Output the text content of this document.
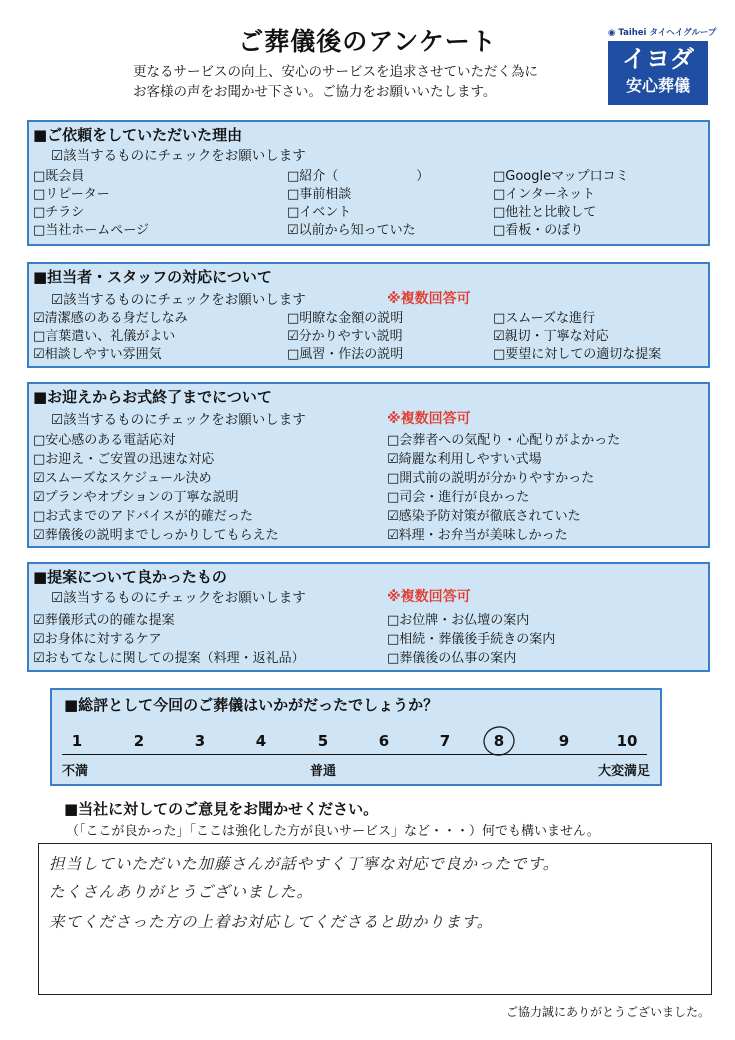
ご葬儀後のアンケート
更なるサービスの向上、安心のサービスを追求させていただく為に
お客様の声をお聞かせ下さい。ご協力をお願いいたします。
◉ Taihei タイヘイグループ
イヨダ
安心葬儀
■ご依頼をしていただいた理由
☑該当するものにチェックをお願いします
□既会員	□紹介（　　　　　　）	□Googleマップ口コミ
□リピーター	□事前相談	□インターネット
□チラシ	□イベント	□他社と比較して
□当社ホームページ	☑以前から知っていた	□看板・のぼり
■担当者・スタッフの対応について
☑該当するものにチェックをお願いします	※複数回答可
☑清潔感のある身だしなみ	□明瞭な金額の説明	□スムーズな進行
□言葉遣い、礼儀がよい	☑分かりやすい説明	☑親切・丁寧な対応
☑相談しやすい雰囲気	□風習・作法の説明	□要望に対しての適切な提案
■お迎えからお式終了までについて
☑該当するものにチェックをお願いします	※複数回答可
□安心感のある電話応対	□会葬者への気配り・心配りがよかった
□お迎え・ご安置の迅速な対応	☑綺麗な利用しやすい式場
☑スムーズなスケジュール決め	□開式前の説明が分かりやすかった
☑プランやオプションの丁寧な説明	□司会・進行が良かった
□お式までのアドバイスが的確だった	☑感染予防対策が徹底されていた
☑葬儀後の説明までしっかりしてもらえた	☑料理・お弁当が美味しかった
■提案について良かったもの
☑該当するものにチェックをお願いします	※複数回答可
☑葬儀形式の的確な提案	□お位牌・お仏壇の案内
☑お身体に対するケア	□相続・葬儀後手続きの案内
☑おもてなしに関しての提案（料理・返礼品）	□葬儀後の仏事の案内
■総評として今回のご葬儀はいかがだったでしょうか？
1	2	3	4	5	6	7	8	9	10
不満	普通	大変満足
■当社に対してのご意見をお聞かせください。
（「ここが良かった」「ここは強化した方が良いサービス」など・・・）何でも構いません。
担当していただいた加藤さんが話やすく丁寧な対応で良かったです。
たくさんありがとうございました。
来てくださった方の上着お対応してくださると助かります。
ご協力誠にありがとうございました。
